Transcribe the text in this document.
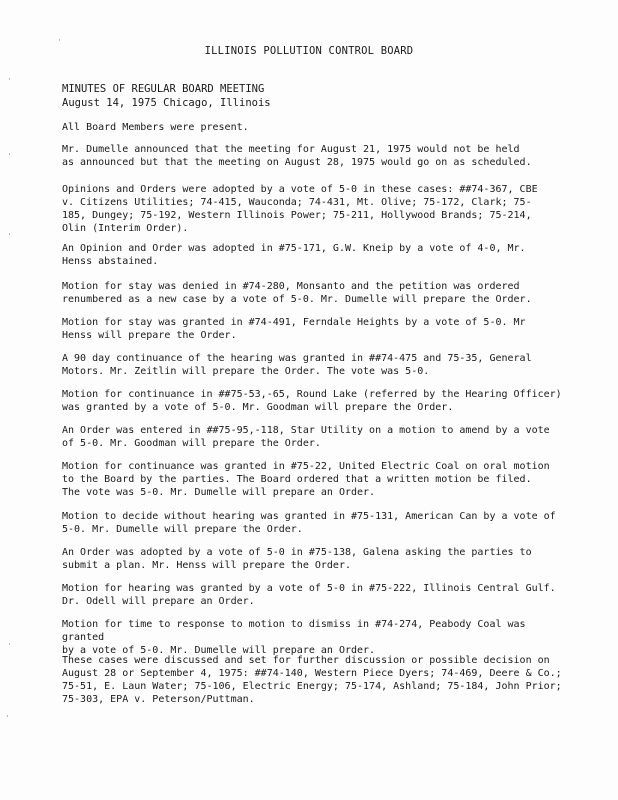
·
·
·
·
·
·
ILLINOIS POLLUTION CONTROL BOARD
MINUTES OF REGULAR BOARD MEETING
August 14, 1975 Chicago, Illinois

All Board Members were present.

Mr. Dumelle announced that the meeting for August 21, 1975 would not be held
as announced but that the meeting on August 28, 1975 would go on as scheduled.

Opinions and Orders were adopted by a vote of 5-0 in these cases: ##74-367, CBE
v. Citizens Utilities; 74-415, Wauconda; 74-431, Mt. Olive; 75-172, Clark; 75-
185, Dungey; 75-192, Western Illinois Power; 75-211, Hollywood Brands; 75-214,
Olin (Interim Order).

An Opinion and Order was adopted in #75-171, G.W. Kneip by a vote of 4-0, Mr.
Henss abstained.

Motion for stay was denied in #74-280, Monsanto and the petition was ordered
renumbered as a new case by a vote of 5-0. Mr. Dumelle will prepare the Order.

Motion for stay was granted in #74-491, Ferndale Heights by a vote of 5-0. Mr
Henss will prepare the Order.

A 90 day continuance of the hearing was granted in ##74-475 and 75-35, General
Motors. Mr. Zeitlin will prepare the Order. The vote was 5-0.

Motion for continuance in ##75-53,-65, Round Lake (referred by the Hearing Officer)
was granted by a vote of 5-0. Mr. Goodman will prepare the Order.

An Order was entered in ##75-95,-118, Star Utility on a motion to amend by a vote
of 5-0. Mr. Goodman will prepare the Order.

Motion for continuance was granted in #75-22, United Electric Coal on oral motion
to the Board by the parties. The Board ordered that a written motion be filed.
The vote was 5-0. Mr. Dumelle will prepare an Order.

Motion to decide without hearing was granted in #75-131, American Can by a vote of
5-0. Mr. Dumelle will prepare the Order.

An Order was adopted by a vote of 5-0 in #75-138, Galena asking the parties to
submit a plan. Mr. Henss will prepare the Order.

Motion for hearing was granted by a vote of 5-0 in #75-222, Illinois Central Gulf.
Dr. Odell will prepare an Order.

Motion for time to response to motion to dismiss in #74-274, Peabody Coal was granted
by a vote of 5-0. Mr. Dumelle will prepare an Order.

These cases were discussed and set for further discussion or possible decision on
August 28 or September 4, 1975: ##74-140, Western Piece Dyers; 74-469, Deere & Co.;
75-51, E. Laun Water; 75-106, Electric Energy; 75-174, Ashland; 75-184, John Prior;
75-303, EPA v. Peterson/Puttman.
